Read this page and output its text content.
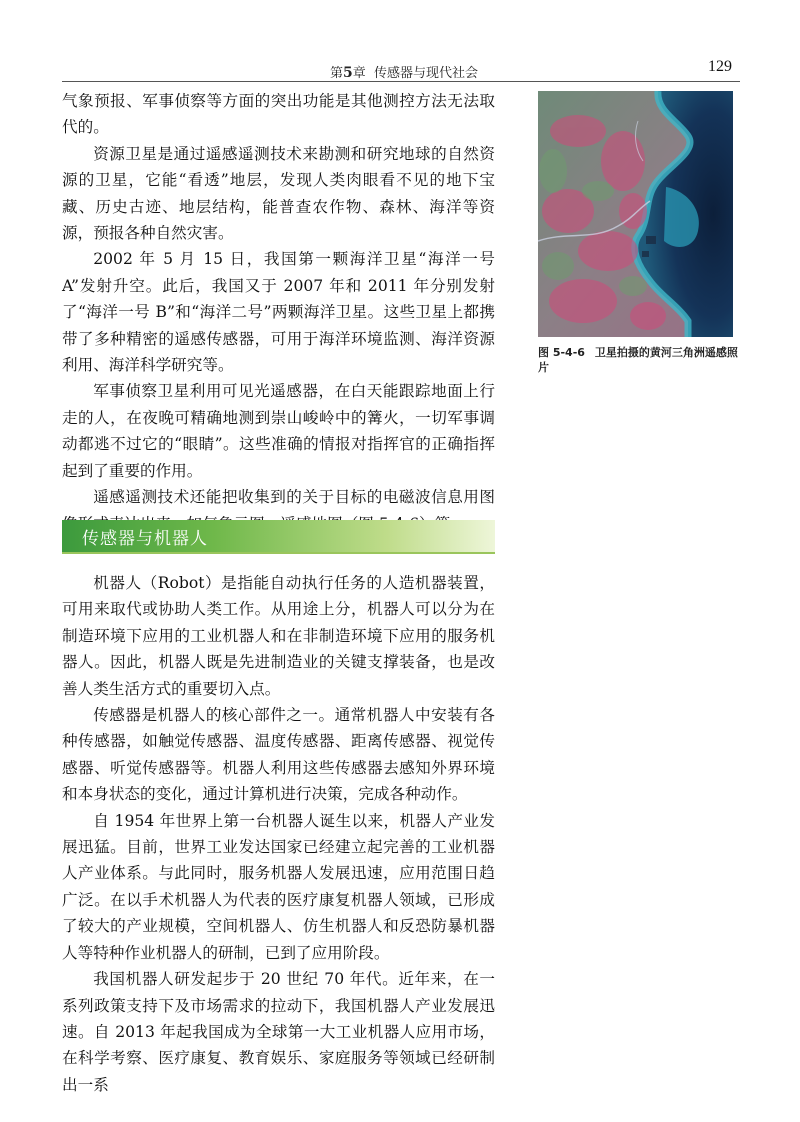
第5章 传感器与现代社会	129

气象预报、军事侦察等方面的突出功能是其他测控方法无法取代的。

资源卫星是通过遥感遥测技术来勘测和研究地球的自然资源的卫星，它能“看透”地层，发现人类肉眼看不见的地下宝藏、历史古迹、地层结构，能普查农作物、森林、海洋等资源，预报各种自然灾害。

2002 年 5 月 15 日，我国第一颗海洋卫星“海洋一号 A”发射升空。此后，我国又于 2007 年和 2011 年分别发射了“海洋一号 B”和“海洋二号”两颗海洋卫星。这些卫星上都携带了多种精密的遥感传感器，可用于海洋环境监测、海洋资源利用、海洋科学研究等。

军事侦察卫星利用可见光遥感器，在白天能跟踪地面上行走的人，在夜晚可精确地测到崇山峻岭中的篝火，一切军事调动都逃不过它的“眼睛”。这些准确的情报对指挥官的正确指挥起到了重要的作用。

遥感遥测技术还能把收集到的关于目标的电磁波信息用图

传感器与机器人

机器人（Robot）是指能自动执行任务的人造机器装置，可用来取代或协助人类工作。从用途上分，机器人可以分为在制造环境下应用的工业机器人和在非制造环境下应用的服务机器人。因此，机器人既是先进制造业的关键支撑装备，也是改善人类生活方式的重要切入点。

传感器是机器人的核心部件之一。通常机器人中安装有各种传感器，如触觉传感器、温度传感器、距离传感器、视觉传感器、听觉传感器等。机器人利用这些传感器去感知外界环境和本身状态的变化，通过计算机进行决策，完成各种动作。

自 1954 年世界上第一台机器人诞生以来，机器人产业发展迅猛。目前，世界工业发达国家已经建立起完善的工业机器人产业体系。与此同时，服务机器人发展迅速，应用范围日趋广泛。在以手术机器人为代表的医疗康复机器人领域，已形成了较大的产业规模，空间机器人、仿生机器人和反恐防暴机器人等特种作业机器人的研制，已到了应用阶段。

我国机器人研发起步于 20 世纪 70 年代。近年来，在一系列政策支持下及市场需求的拉动下，我国机器人产业发展迅速。自 2013 年起我国成为全球第一大工业机器人应用市场，在科学考察、医疗康复、教育娱乐、家庭服务等领域已经研制出一系

图 5-4-6 卫星拍摄的黄河三角洲遥感照片
